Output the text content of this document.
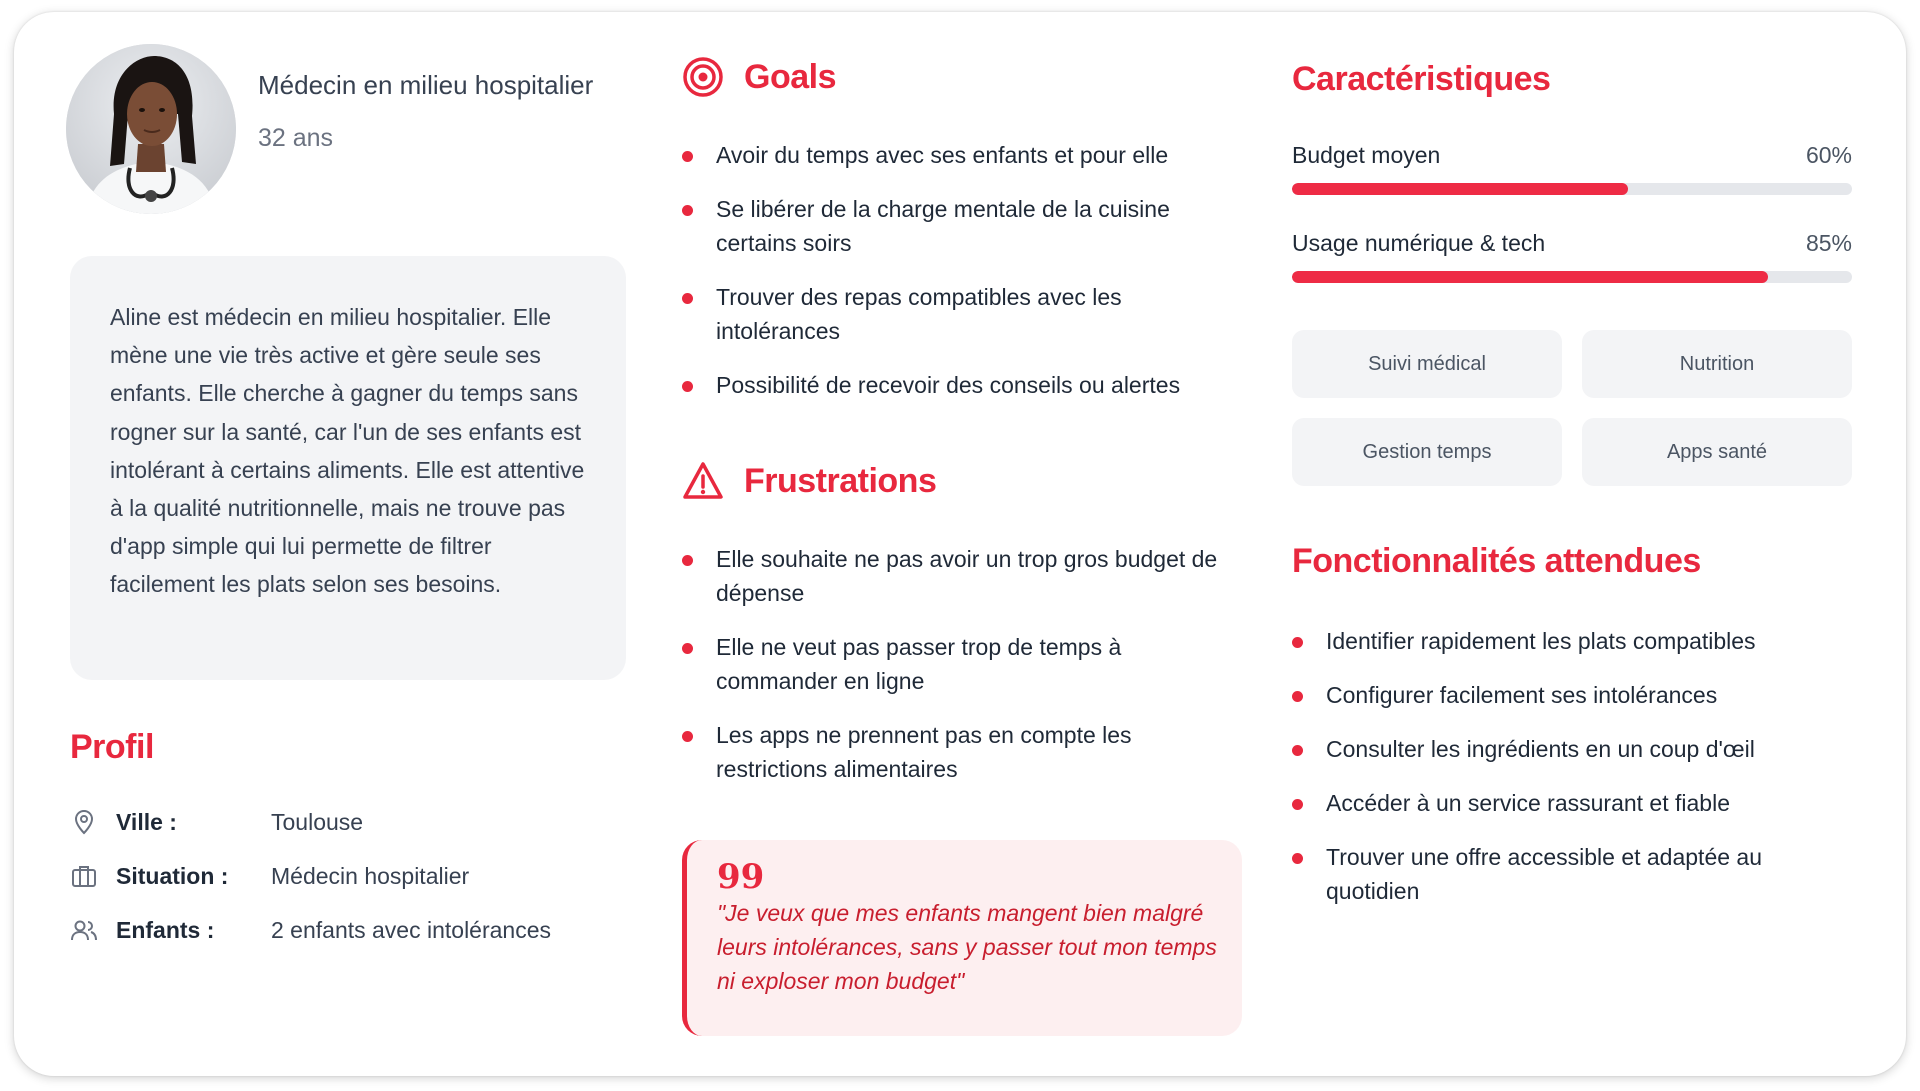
Médecin en milieu hospitalier
32 ans
Aline est médecin en milieu hospitalier. Elle mène une vie très active et gère seule ses enfants. Elle cherche à gagner du temps sans rogner sur la santé, car l'un de ses enfants est intolérant à certains aliments. Elle est attentive à la qualité nutritionnelle, mais ne trouve pas d'app simple qui lui permette de filtrer facilement les plats selon ses besoins.
Profil
Ville :	Toulouse
Situation :	Médecin hospitalier
Enfants :	2 enfants avec intolérances
Goals
Avoir du temps avec ses enfants et pour elle
Se libérer de la charge mentale de la cuisine certains soirs
Trouver des repas compatibles avec les intolérances
Possibilité de recevoir des conseils ou alertes
Frustrations
Elle souhaite ne pas avoir un trop gros budget de dépense
Elle ne veut pas passer trop de temps à commander en ligne
Les apps ne prennent pas en compte les restrictions alimentaires
99
"Je veux que mes enfants mangent bien malgré leurs intolérances, sans y passer tout mon temps ni exploser mon budget"
Caractéristiques
Budget moyen	60%
Usage numérique & tech	85%
Suivi médical	Nutrition
Gestion temps	Apps santé
Fonctionnalités attendues
Identifier rapidement les plats compatibles
Configurer facilement ses intolérances
Consulter les ingrédients en un coup d'œil
Accéder à un service rassurant et fiable
Trouver une offre accessible et adaptée au quotidien
